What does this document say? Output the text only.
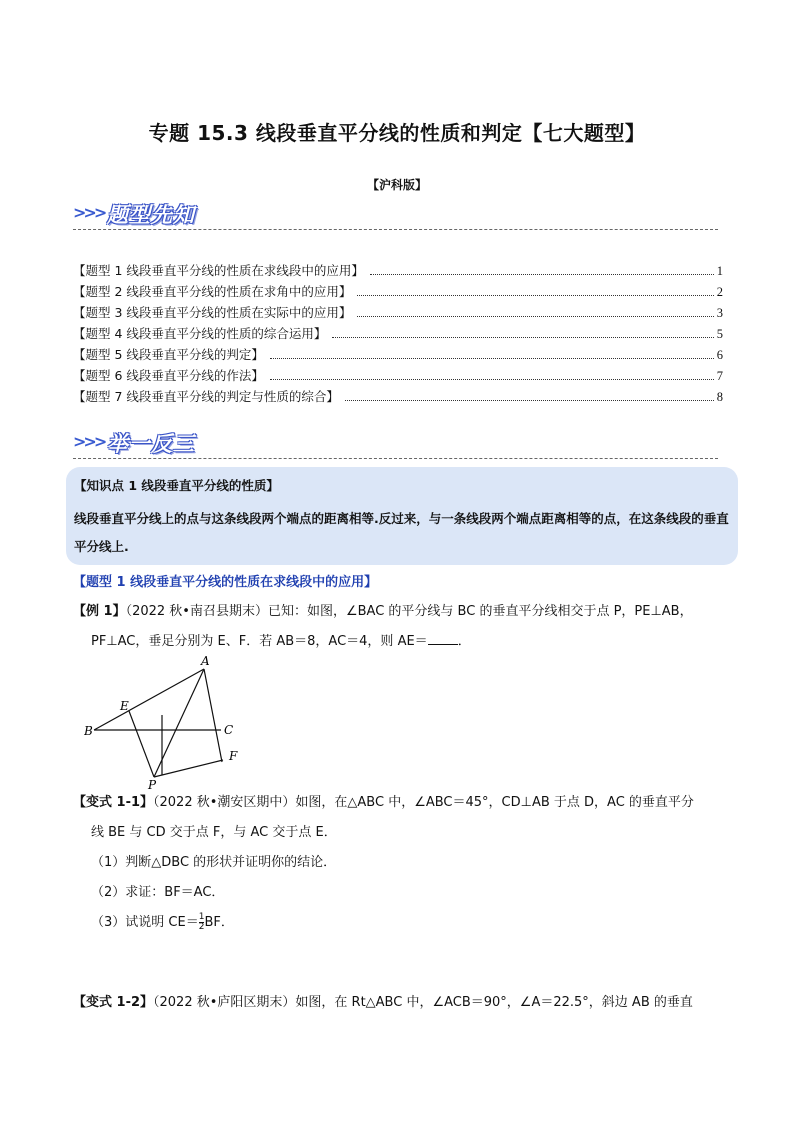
专题 15.3 线段垂直平分线的性质和判定【七大题型】
【沪科版】
>>> 题型先知
【题型 1 线段垂直平分线的性质在求线段中的应用】	1
【题型 2 线段垂直平分线的性质在求角中的应用】	2
【题型 3 线段垂直平分线的性质在实际中的应用】	3
【题型 4 线段垂直平分线的性质的综合运用】	5
【题型 5 线段垂直平分线的判定】	6
【题型 6 线段垂直平分线的作法】	7
【题型 7 线段垂直平分线的判定与性质的综合】	8
>>> 举一反三
【知识点 1 线段垂直平分线的性质】
线段垂直平分线上的点与这条线段两个端点的距离相等.反过来，与一条线段两个端点距离相等的点，在这条线段的垂直平分线上.
【题型 1 线段垂直平分线的性质在求线段中的应用】
【例 1】（2022 秋•南召县期末）已知：如图，∠BAC 的平分线与 BC 的垂直平分线相交于点 P，PE⊥AB，
PF⊥AC，垂足分别为 E、F．若 AB＝8，AC＝4，则 AE＝ ．
A
B	C
E
F
P
【变式 1-1】（2022 秋•潮安区期中）如图，在△ABC 中，∠ABC＝45°，CD⊥AB 于点 D，AC 的垂直平分
线 BE 与 CD 交于点 F，与 AC 交于点 E．
（1）判断△DBC 的形状并证明你的结论．
（2）求证：BF＝AC．
（3）试说明 $CE= \frac{1}{2}$ BF．
【变式 1-2】（2022 秋•庐阳区期末）如图，在 Rt△ABC 中，∠ACB＝90°，∠A＝22.5°，斜边 AB 的垂直
